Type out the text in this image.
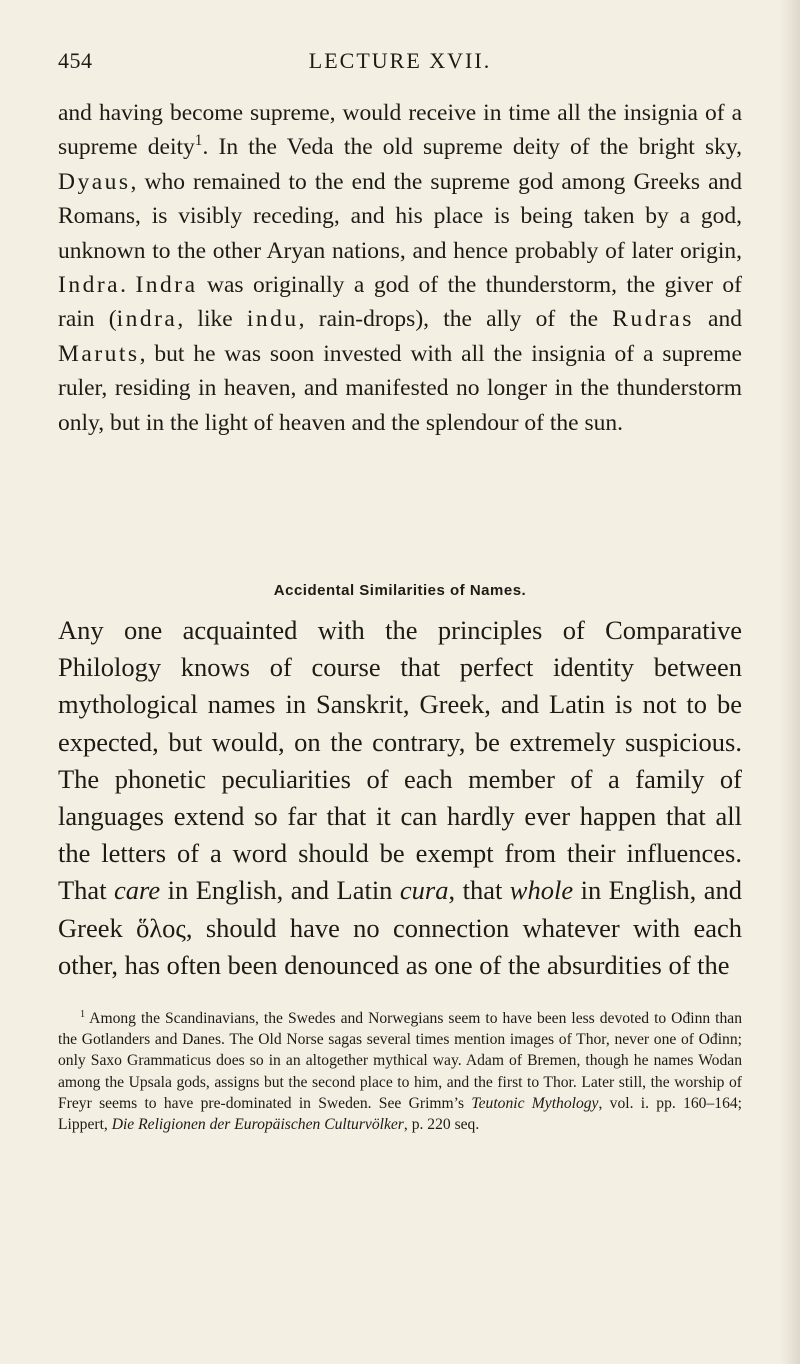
454	LECTURE XVII.

and having become supreme, would receive in time all the insignia of a supreme deity$^1$. In the Veda the old supreme deity of the bright sky, Dyaus, who remained to the end the supreme god among Greeks and Romans, is visibly receding, and his place is being taken by a god, unknown to the other Aryan nations, and hence probably of later origin, Indra. Indra was originally a god of the thunderstorm, the giver of rain (indra, like indu, rain-drops), the ally of the Rudras and Maruts, but he was soon invested with all the insignia of a supreme ruler, residing in heaven, and manifested no longer in the thunderstorm only, but in the light of heaven and the splendour of the sun.

Accidental Similarities of Names.

Any one acquainted with the principles of Comparative Philology knows of course that perfect identity between mythological names in Sanskrit, Greek, and Latin is not to be expected, but would, on the contrary, be extremely suspicious. The phonetic peculiarities of each member of a family of languages extend so far that it can hardly ever happen that all the letters of a word should be exempt from their influences. That care in English, and Latin cura, that whole in English, and Greek ὅλος, should have no connection whatever with each other, has often been denounced as one of the absurdities of the

$^1$ Among the Scandinavians, the Swedes and Norwegians seem to have been less devoted to Ođinn than the Gotlanders and Danes. The Old Norse sagas several times mention images of Thor, never one of Ođinn; only Saxo Grammaticus does so in an altogether mythical way. Adam of Bremen, though he names Wodan among the Upsala gods, assigns but the second place to him, and the first to Thor. Later still, the worship of Freyr seems to have pre-dominated in Sweden. See Grimm’s Teutonic Mythology, vol. i. pp. 160–164; Lippert, Die Religionen der Europäischen Culturvölker, p. 220 seq.
